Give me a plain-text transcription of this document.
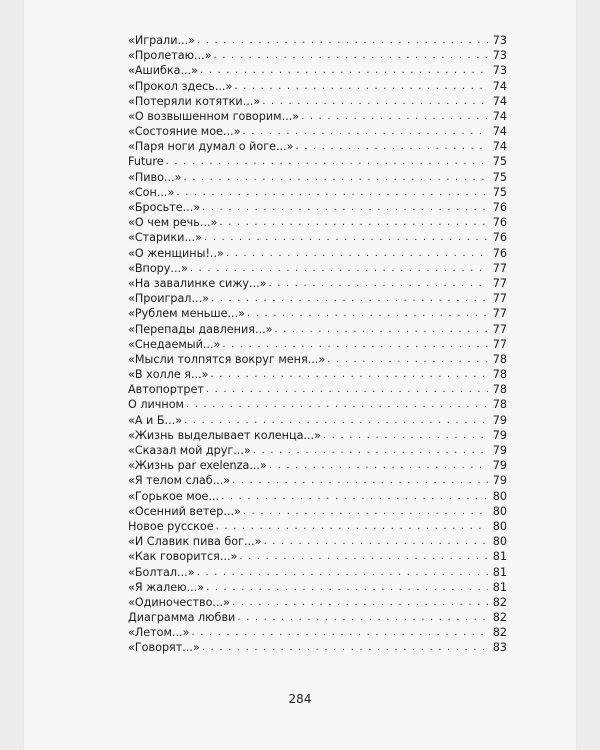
«Играли...» . . .	73
«Пролетаю...» . . .	73
«Ашибка...» . . .	73
«Прокол здесь...» . . .	74
«Потеряли котятки...» . . .	74
«О возвышенном говорим...» . . .	74
«Состояние мое...» . . .	74
«Паря ноги думал о йоге...» . . .	74
Future . . .	75
«Пиво...» . . .	75
«Сон...» . . .	75
«Бросьте...» . . .	76
«О чем речь...» . . .	76
«Старики...» . . .	76
«О женщины!..» . . .	76
«Впору...» . . .	77
«На завалинке сижу...» . . .	77
«Проиграл...» . . .	77
«Рублем меньше...» . . .	77
«Перепады давления...» . . .	77
«Снедаемый...» . . .	77
«Мысли толпятся вокруг меня...» . . .	78
«В холле я...» . . .	78
Автопортрет . . .	78
О личном . . .	78
«А и Б...» . . .	79
«Жизнь выделывает коленца...» . . .	79
«Сказал мой друг...» . . .	79
«Жизнь par exelenza...» . . .	79
«Я телом слаб...» . . .	79
«Горькое мое... . . .	80
«Осенний ветер...» . . .	80
Новое русское . . .	80
«И Славик пива бог...» . . .	80
«Как говорится...» . . .	81
«Болтал...» . . .	81
«Я жалею...» . . .	81
«Одиночество...» . . .	82
Диаграмма любви . . .	82
«Летом...» . . .	82
«Говорят...» . . .	83
284
